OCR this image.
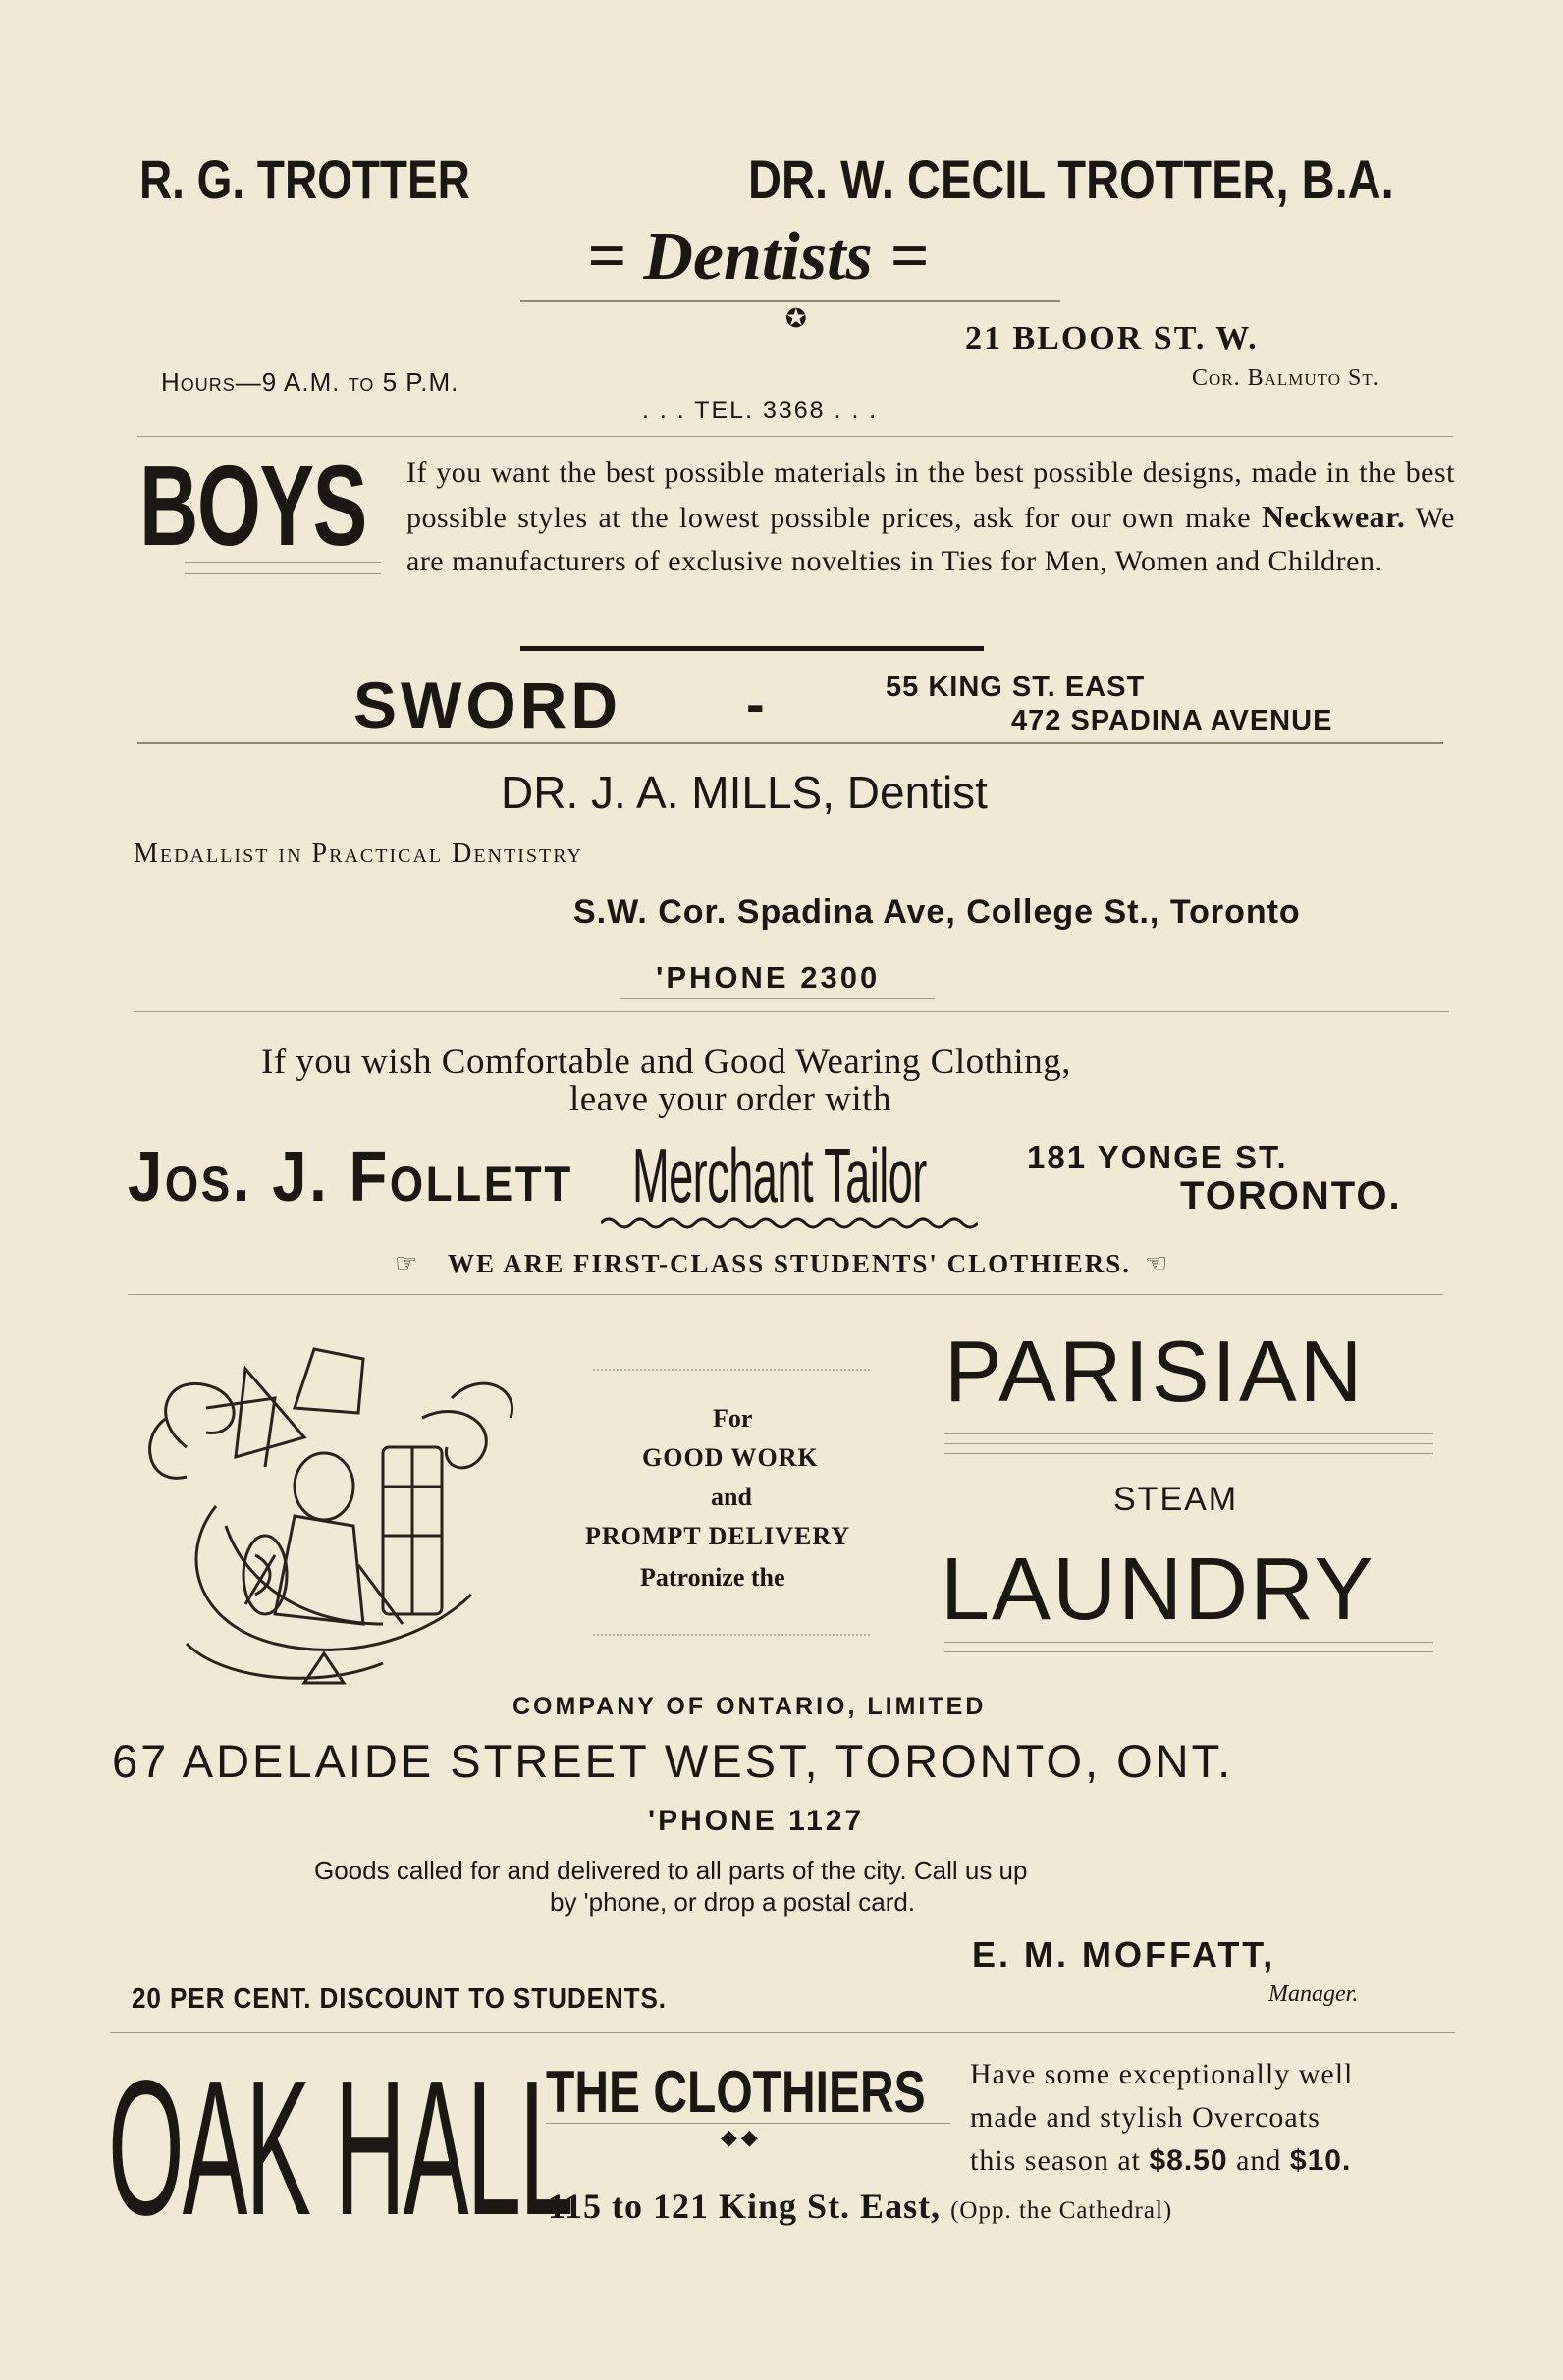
R. G. TROTTER	DR. W. CECIL TROTTER, B.A.
= Dentists =
✪
21 BLOOR ST. W.
Cor. Balmuto St.
Hours—9 A.M. to 5 P.M.
. . . TEL. 3368 . . .
BOYS If you want the best possible materials in the best possible designs, made in the best possible styles at the lowest possible prices, ask for our own make Neckwear. We are manufacturers of exclusive novelties in Ties for Men, Women and Children.
SWORD -	55 KING ST. EAST
472 SPADINA AVENUE
DR. J. A. MILLS, Dentist
Medallist in Practical Dentistry
S.W. Cor. Spadina Ave, College St., Toronto
'PHONE 2300
If you wish Comfortable and Good Wearing Clothing,
leave your order with
Jos. J. Follett Merchant Tailor	181 YONGE ST.
TORONTO.
☞ WE ARE FIRST-CLASS STUDENTS' CLOTHIERS. ☜
For
GOOD WORK
and
PROMPT DELIVERY
Patronize the
PARISIAN
STEAM
LAUNDRY
COMPANY OF ONTARIO, LIMITED
67 ADELAIDE STREET WEST, TORONTO, ONT.
'PHONE 1127
Goods called for and delivered to all parts of the city. Call us up
by 'phone, or drop a postal card.
E. M. MOFFATT,
Manager.
20 PER CENT. DISCOUNT TO STUDENTS.
OAK HALL
THE CLOTHIERS
◆◆
Have some exceptionally well
made and stylish Overcoats
this season at $8.50 and $10.
115 to 121 King St. East, (Opp. the Cathedral)
